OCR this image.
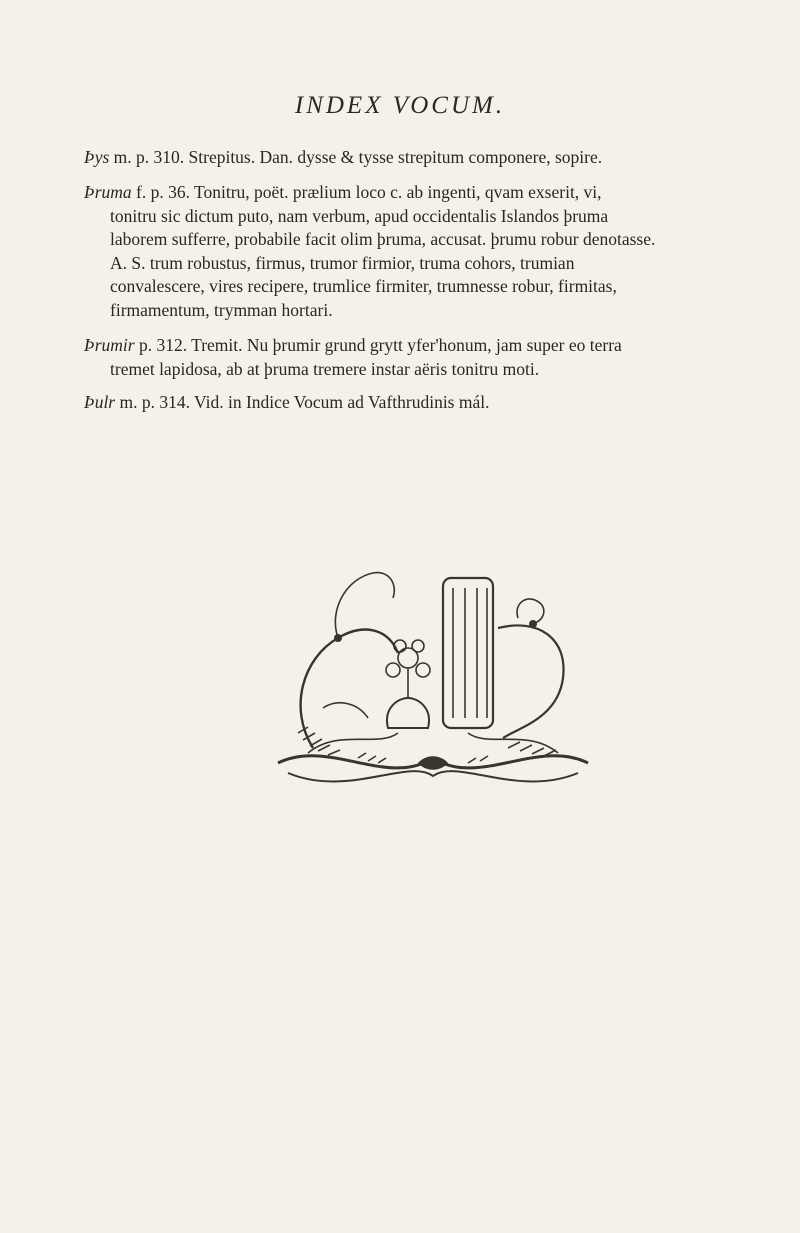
INDEX VOCUM.
Þys m. p. 310. Strepitus. Dan. dysse & tysse strepitum componere, sopire.
Þruma f. p. 36. Tonitru, poët. prælium loco c. ab ingenti, qvam exserit, vi,
tonitru sic dictum puto, nam verbum, apud occidentalis Islandos þruma
laborem sufferre, probabile facit olim þruma, accusat. þrumu robur denotasse.
A. S. trum robustus, firmus, trumor firmior, truma cohors, trumian
convalescere, vires recipere, trumlice firmiter, trumnesse robur, firmitas,
firmamentum, trymman hortari.
Þrumir p. 312. Tremit. Nu þrumir grund grytt yfer'honum, jam super eo terra
tremet lapidosa, ab at þruma tremere instar aëris tonitru moti.
Þulr m. p. 314. Vid. in Indice Vocum ad Vafthrudinis mál.
